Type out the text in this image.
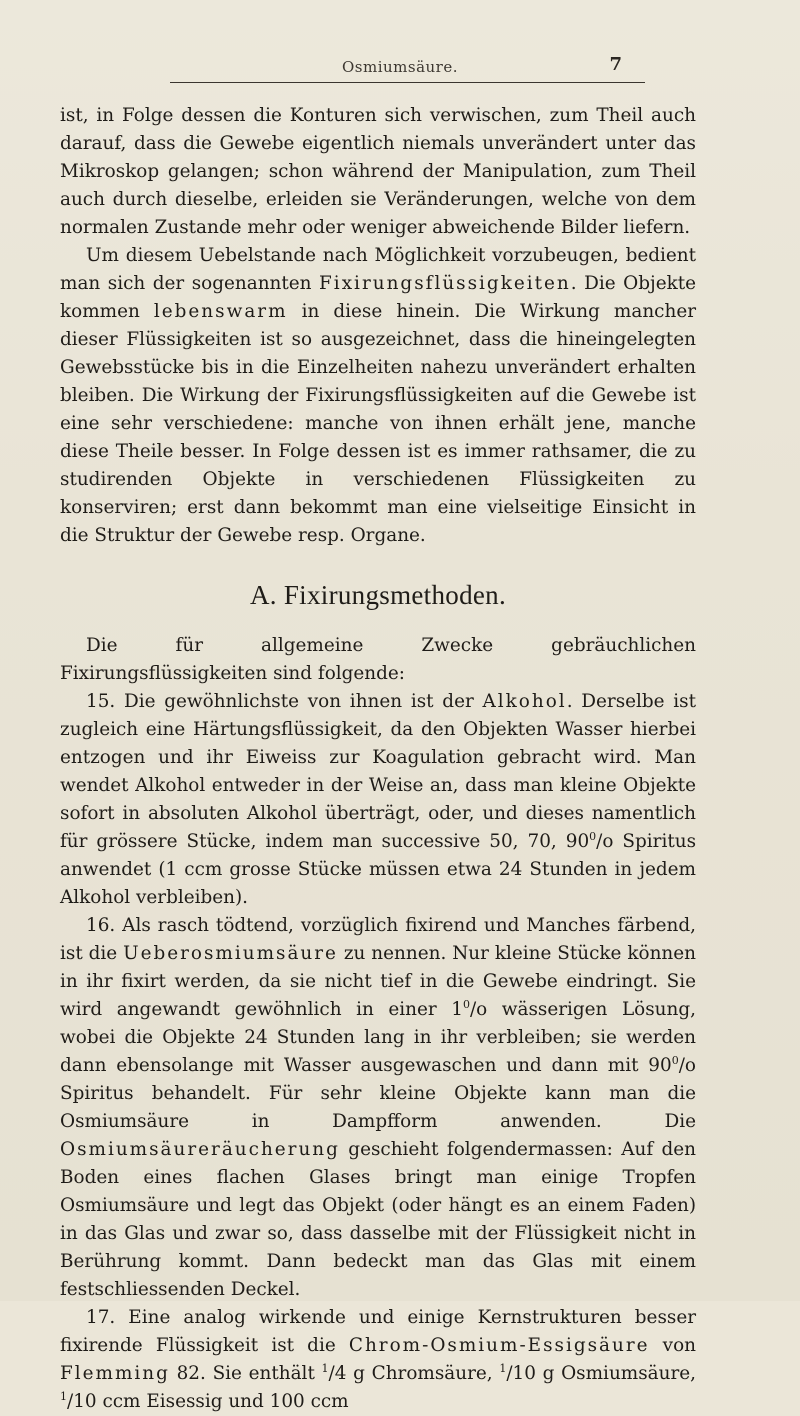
Osmiumsäure.	7

ist, in Folge dessen die Konturen sich verwischen, zum Theil auch darauf, dass die Gewebe eigentlich niemals unverändert unter das Mikroskop gelangen; schon während der Manipulation, zum Theil auch durch dieselbe, erleiden sie Veränderungen, welche von dem normalen Zustande mehr oder weniger abweichende Bilder liefern.

Um diesem Uebelstande nach Möglichkeit vorzubeugen, bedient man sich der sogenannten Fixirungsflüssigkeiten. Die Objekte kommen lebenswarm in diese hinein. Die Wirkung mancher dieser Flüssigkeiten ist so ausgezeichnet, dass die hineingelegten Gewebsstücke bis in die Einzelheiten nahezu unverändert erhalten bleiben. Die Wirkung der Fixirungsflüssigkeiten auf die Gewebe ist eine sehr verschiedene: manche von ihnen erhält jene, manche diese Theile besser. In Folge dessen ist es immer rathsamer, die zu studirenden Objekte in verschiedenen Flüssigkeiten zu konserviren; erst dann bekommt man eine vielseitige Einsicht in die Struktur der Gewebe resp. Organe.

A. Fixirungsmethoden.

Die für allgemeine Zwecke gebräuchlichen Fixirungsflüssigkeiten sind folgende:

15. Die gewöhnlichste von ihnen ist der Alkohol. Derselbe ist zugleich eine Härtungsflüssigkeit, da den Objekten Wasser hierbei entzogen und ihr Eiweiss zur Koagulation gebracht wird. Man wendet Alkohol entweder in der Weise an, dass man kleine Objekte sofort in absoluten Alkohol überträgt, oder, und dieses namentlich für grössere Stücke, indem man successive 50, 70, $90^0/o$ Spiritus anwendet (1 ccm grosse Stücke müssen etwa 24 Stunden in jedem Alkohol verbleiben).

16. Als rasch tödtend, vorzüglich fixirend und Manches färbend, ist die Ueberosmiumsäure zu nennen. Nur kleine Stücke können in ihr fixirt werden, da sie nicht tief in die Gewebe eindringt. Sie wird angewandt gewöhnlich in einer $1^0/o$ wässerigen Lösung, wobei die Objekte 24 Stunden lang in ihr verbleiben; sie werden dann ebensolange mit Wasser ausgewaschen und dann mit $90^0/o$ Spiritus behandelt. Für sehr kleine Objekte kann man die Osmiumsäure in Dampfform anwenden. Die Osmiumsäureräucherung geschieht folgendermassen: Auf den Boden eines flachen Glases bringt man einige Tropfen Osmiumsäure und legt das Objekt (oder hängt es an einem Faden) in das Glas und zwar so, dass dasselbe mit der Flüssigkeit nicht in Berührung kommt. Dann bedeckt man das Glas mit einem festschliessenden Deckel.

17. Eine analog wirkende und einige Kernstrukturen besser fixirende Flüssigkeit ist die Chrom-Osmium-Essigsäure von Flemming 82. Sie enthält $^1$/4 g Chromsäure, $^1$/10 g Osmiumsäure, $^1$/10 ccm Eisessig und 100 ccm
